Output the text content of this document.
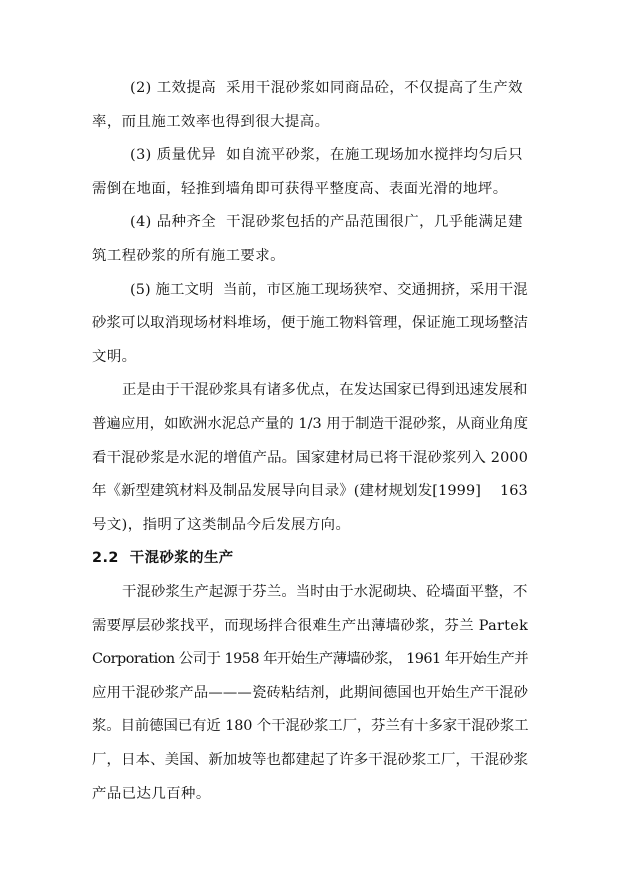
(2) 工效提高  采用干混砂浆如同商品砼，不仅提高了生产效
率，而且施工效率也得到很大提高。
(3) 质量优异  如自流平砂浆，在施工现场加水搅拌均匀后只
需倒在地面，轻推到墙角即可获得平整度高、表面光滑的地坪。
(4) 品种齐全  干混砂浆包括的产品范围很广，几乎能满足建
筑工程砂浆的所有施工要求。
(5) 施工文明  当前，市区施工现场狭窄、交通拥挤，采用干混
砂浆可以取消现场材料堆场，便于施工物料管理，保证施工现场整洁
文明。
正是由于干混砂浆具有诸多优点，在发达国家已得到迅速发展和
普遍应用，如欧洲水泥总产量的 1/3 用于制造干混砂浆，从商业角度
看干混砂浆是水泥的增值产品。国家建材局已将干混砂浆列入 2000
年《新型建筑材料及制品发展导向目录》(建材规划发[1999]    163
号文)，指明了这类制品今后发展方向。
2.2  干混砂浆的生产
干混砂浆生产起源于芬兰。当时由于水泥砌块、砼墙面平整，不
需要厚层砂浆找平，而现场拌合很难生产出薄墙砂浆，芬兰 Partek
Corporation 公司于 1958 年开始生产薄墙砂浆， 1961 年开始生产并
应用干混砂浆产品———瓷砖粘结剂，此期间德国也开始生产干混砂
浆。目前德国已有近 180 个干混砂浆工厂，芬兰有十多家干混砂浆工
厂，日本、美国、新加坡等也都建起了许多干混砂浆工厂，干混砂浆
产品已达几百种。
